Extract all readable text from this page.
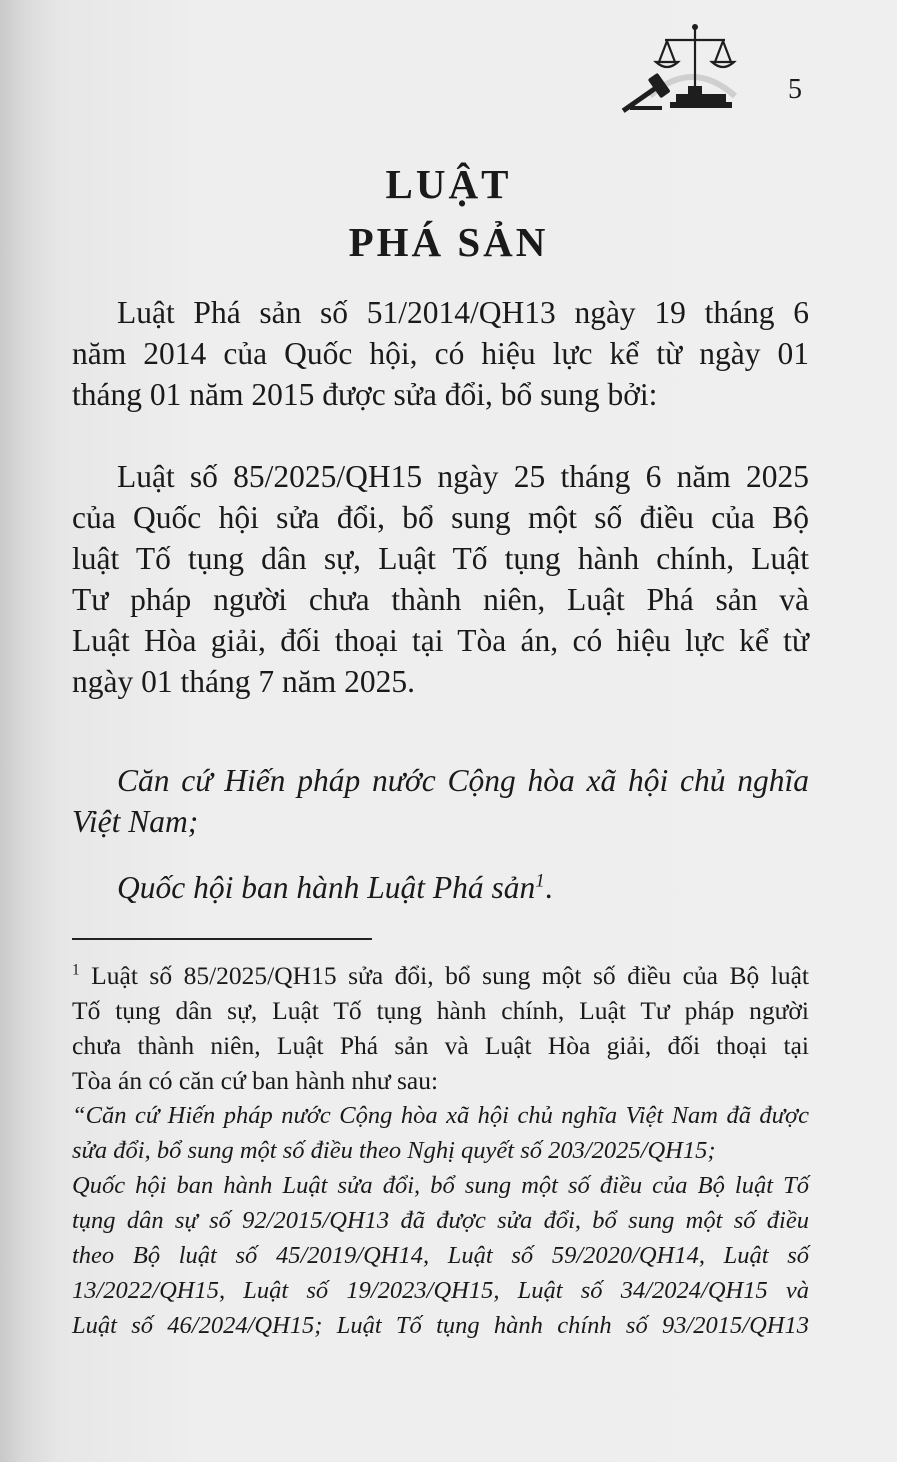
5
LUẬT
PHÁ SẢN

Luật Phá sản số 51/2014/QH13 ngày 19 tháng 6
năm 2014 của Quốc hội, có hiệu lực kể từ ngày 01
tháng 01 năm 2015 được sửa đổi, bổ sung bởi:

Luật số 85/2025/QH15 ngày 25 tháng 6 năm 2025
của Quốc hội sửa đổi, bổ sung một số điều của Bộ
luật Tố tụng dân sự, Luật Tố tụng hành chính, Luật
Tư pháp người chưa thành niên, Luật Phá sản và
Luật Hòa giải, đối thoại tại Tòa án, có hiệu lực kể từ
ngày 01 tháng 7 năm 2025.

Căn cứ Hiến pháp nước Cộng hòa xã hội chủ nghĩa
Việt Nam;

Quốc hội ban hành Luật Phá sản$^1$.

$^1$ Luật số 85/2025/QH15 sửa đổi, bổ sung một số điều của Bộ luật
Tố tụng dân sự, Luật Tố tụng hành chính, Luật Tư pháp người
chưa thành niên, Luật Phá sản và Luật Hòa giải, đối thoại tại
Tòa án có căn cứ ban hành như sau:
“Căn cứ Hiến pháp nước Cộng hòa xã hội chủ nghĩa Việt Nam đã được
sửa đổi, bổ sung một số điều theo Nghị quyết số 203/2025/QH15;
Quốc hội ban hành Luật sửa đổi, bổ sung một số điều của Bộ luật Tố
tụng dân sự số 92/2015/QH13 đã được sửa đổi, bổ sung một số điều
theo Bộ luật số 45/2019/QH14, Luật số 59/2020/QH14, Luật số
13/2022/QH15, Luật số 19/2023/QH15, Luật số 34/2024/QH15 và
Luật số 46/2024/QH15; Luật Tố tụng hành chính số 93/2015/QH13
